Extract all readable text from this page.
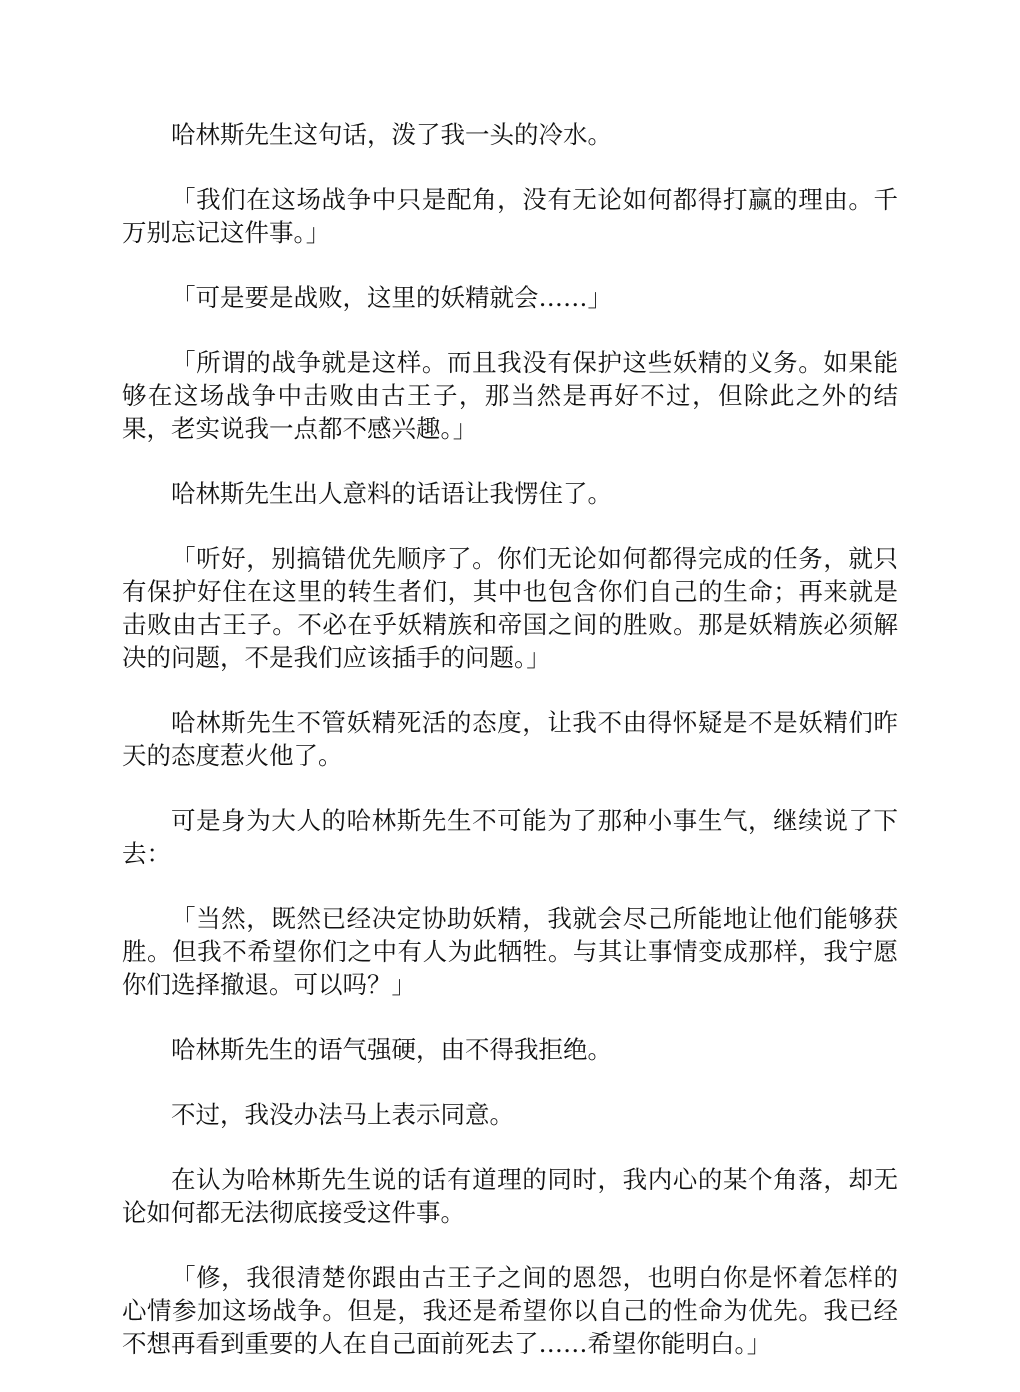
哈林斯先生这句话，泼了我一头的冷水。

「我们在这场战争中只是配角，没有无论如何都得打赢的理由。千万别忘记这件事。」

「可是要是战败，这里的妖精就会……」

「所谓的战争就是这样。而且我没有保护这些妖精的义务。如果能够在这场战争中击败由古王子，那当然是再好不过，但除此之外的结果，老实说我一点都不感兴趣。」

哈林斯先生出人意料的话语让我愣住了。

「听好，别搞错优先顺序了。你们无论如何都得完成的任务，就只有保护好住在这里的转生者们，其中也包含你们自己的生命；再来就是击败由古王子。不必在乎妖精族和帝国之间的胜败。那是妖精族必须解决的问题，不是我们应该插手的问题。」

哈林斯先生不管妖精死活的态度，让我不由得怀疑是不是妖精们昨天的态度惹火他了。

可是身为大人的哈林斯先生不可能为了那种小事生气，继续说了下去：

「当然，既然已经决定协助妖精，我就会尽己所能地让他们能够获胜。但我不希望你们之中有人为此牺牲。与其让事情变成那样，我宁愿你们选择撤退。可以吗？」

哈林斯先生的语气强硬，由不得我拒绝。

不过，我没办法马上表示同意。

在认为哈林斯先生说的话有道理的同时，我内心的某个角落，却无论如何都无法彻底接受这件事。

「修，我很清楚你跟由古王子之间的恩怨，也明白你是怀着怎样的心情参加这场战争。但是，我还是希望你以自己的性命为优先。我已经不想再看到重要的人在自己面前死去了……希望你能明白。」
